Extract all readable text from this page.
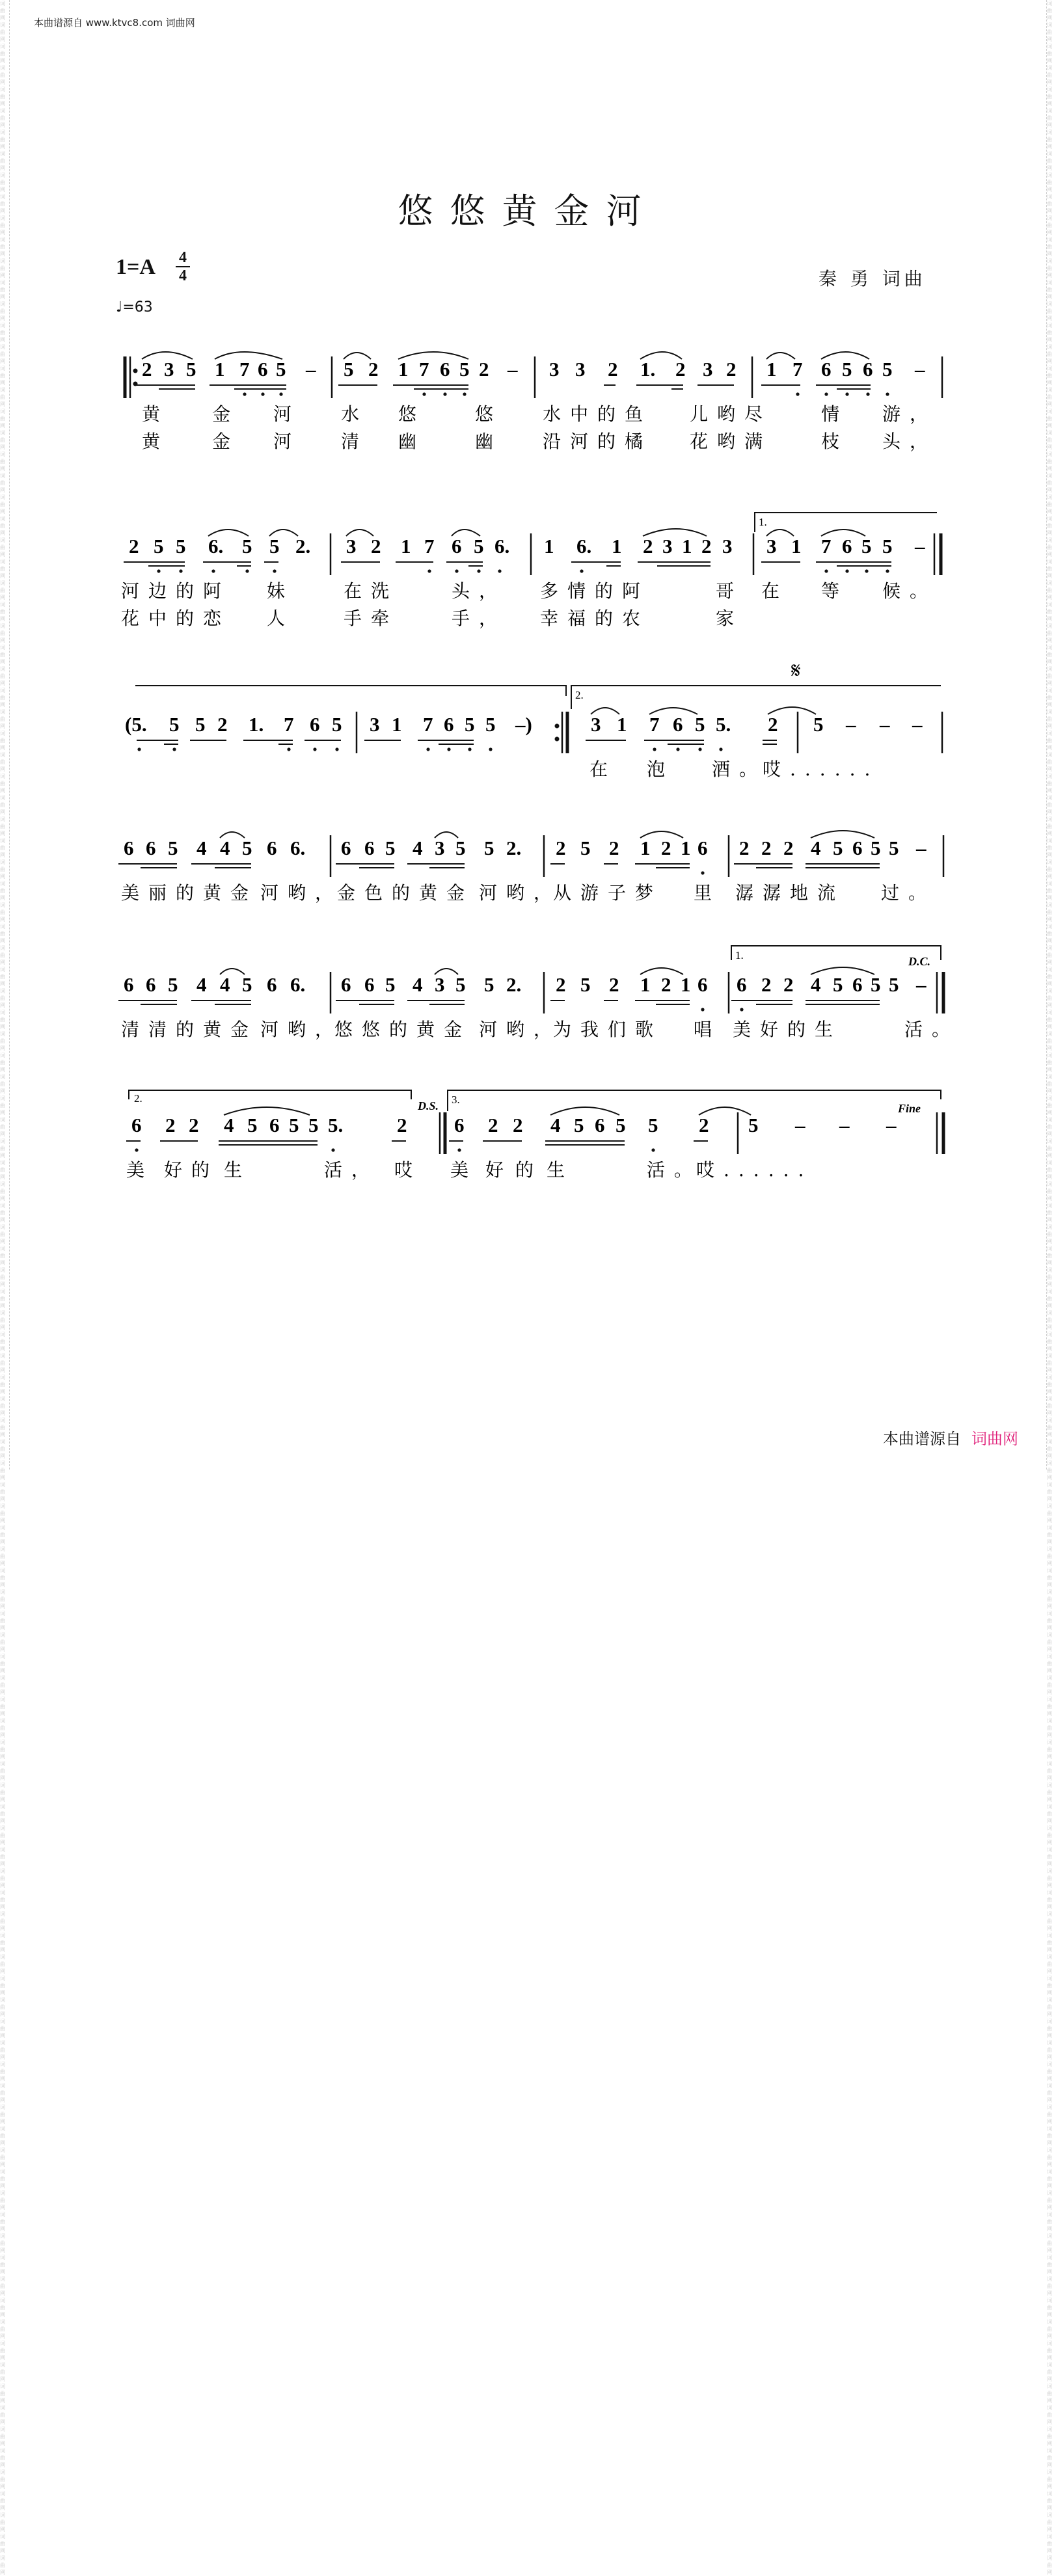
词曲网词曲网词曲网词曲网词曲网词曲网词曲网词曲网词曲网词曲网词曲网词曲网词曲网词曲网词曲网词曲网词曲网词曲网词曲网词曲网词曲网词曲网词曲网词曲网词曲网词曲网词曲网词曲网词曲网词曲网词曲网词曲网词曲网词曲网词曲网词曲网词曲网词曲网词曲网词曲网词曲网词曲网词曲网词曲网词曲网词曲网词曲网词曲网词曲网词曲网词曲网词曲网词曲网词曲网词曲网词曲网词曲网词曲网词曲网词曲网词曲网词曲网词曲网词曲网词曲网词曲网词曲网词曲网词曲网词曲网词曲网词曲网词曲网词曲网词曲网词曲网词曲网词曲网词曲网词曲网词曲网词曲网词曲网词曲网词曲网词曲网词曲网词曲网词曲网词曲网词曲网词曲网词曲网词曲网词曲网词曲网词曲网词曲网词曲网词曲网词曲网词曲网词曲网词曲网词曲网词曲网词曲网词曲网词曲网词曲网词曲网词曲网词曲网词曲网词曲网词曲网词曲网词曲网词曲网词曲网
词曲网词曲网词曲网词曲网词曲网词曲网词曲网词曲网词曲网词曲网词曲网词曲网词曲网词曲网词曲网词曲网词曲网词曲网词曲网词曲网词曲网词曲网词曲网词曲网词曲网词曲网词曲网词曲网词曲网词曲网词曲网词曲网词曲网词曲网词曲网词曲网词曲网词曲网词曲网词曲网词曲网词曲网词曲网词曲网词曲网词曲网词曲网词曲网词曲网词曲网词曲网词曲网词曲网词曲网词曲网词曲网词曲网词曲网词曲网词曲网词曲网词曲网词曲网词曲网词曲网词曲网词曲网词曲网词曲网词曲网词曲网词曲网词曲网词曲网词曲网词曲网词曲网词曲网词曲网词曲网词曲网词曲网词曲网词曲网词曲网词曲网词曲网词曲网词曲网词曲网词曲网词曲网词曲网词曲网词曲网词曲网词曲网词曲网词曲网词曲网词曲网词曲网词曲网词曲网词曲网词曲网词曲网词曲网词曲网词曲网词曲网词曲网词曲网词曲网词曲网词曲网词曲网词曲网词曲网词曲网
本曲谱源自 www.ktvc8.com 词曲网
悠悠黄金河
1=A 4
4
♩=63
秦 勇 词曲
2 3 5 1 7 6 5 – 5 2 1 7 6 5 2 – 3 3 2 1. 2 3 2 1 7 6 5 6 5 –
黄 金 河 水 悠	悠 水中的鱼 儿哟尽	情 游，
黄 金 河 清 幽	幽 沿河的橘 花哟满	枝 头，
2 5 5 6. 5 5 2. 3 2 1 7 6 5 6. 1 6. 1 2 3 1 2 3 3 1 7 6 5 5 –
河边的阿 妹	在洗	头， 多情的阿	哥 在 等 候。
花中的恋 人	手牵	手， 幸福的农	家
(5. 5 5 2 1. 7 6 5 3 1 7 6 5 5 –)	3 1 7 6 5 5. 2 5 – – –
在 泡 酒。
哎......
6 6 5 4 4 5 6 6. 6 6 5 4 3 5 5 2. 2 5 2 1 2 1 6 2 2 2 4 5 6 5 5 –
美丽的黄金 河哟，
金色的黄金 河哟，
从游子梦 里 潺潺地流 过。
6 6 5 4 4 5 6 6. 6 6 5 4 3 5 5 2. 2 5 2 1 2 1 6 6 2 2 4 5 6 5 5 –
清清的黄金 河哟，
悠悠的黄金 河哟，
为我们歌 唱 美好的生	活。
6 2 2 4 5 6 5 5 5.	2 6 2 2 4 5 6 5 5 2 5 – – –
美 好 的 生	活， 哎 美 好 的 生	活。
哎......
1.
2.
1.
2.	3.
𝄋
D.C.
D.S.	Fine
本曲谱源自 词曲网
